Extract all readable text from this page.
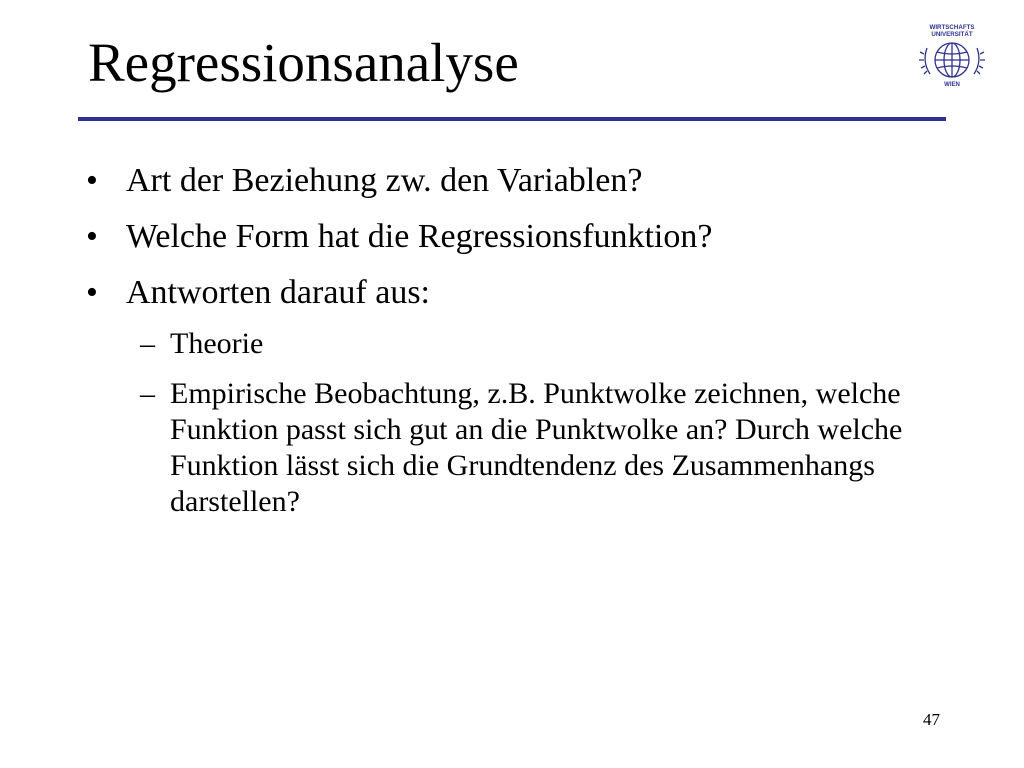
Regressionsanalyse
WIRTSCHAFTS
UNIVERSITÄT
WIEN
• Art der Beziehung zw. den Variablen?
• Welche Form hat die Regressionsfunktion?
• Antworten darauf aus:
– Theorie
– Empirische Beobachtung, z.B. Punktwolke zeichnen, welche Funktion passt sich gut an die Punktwolke an? Durch welche Funktion lässt sich die Grundtendenz des Zusammenhangs darstellen?
47
